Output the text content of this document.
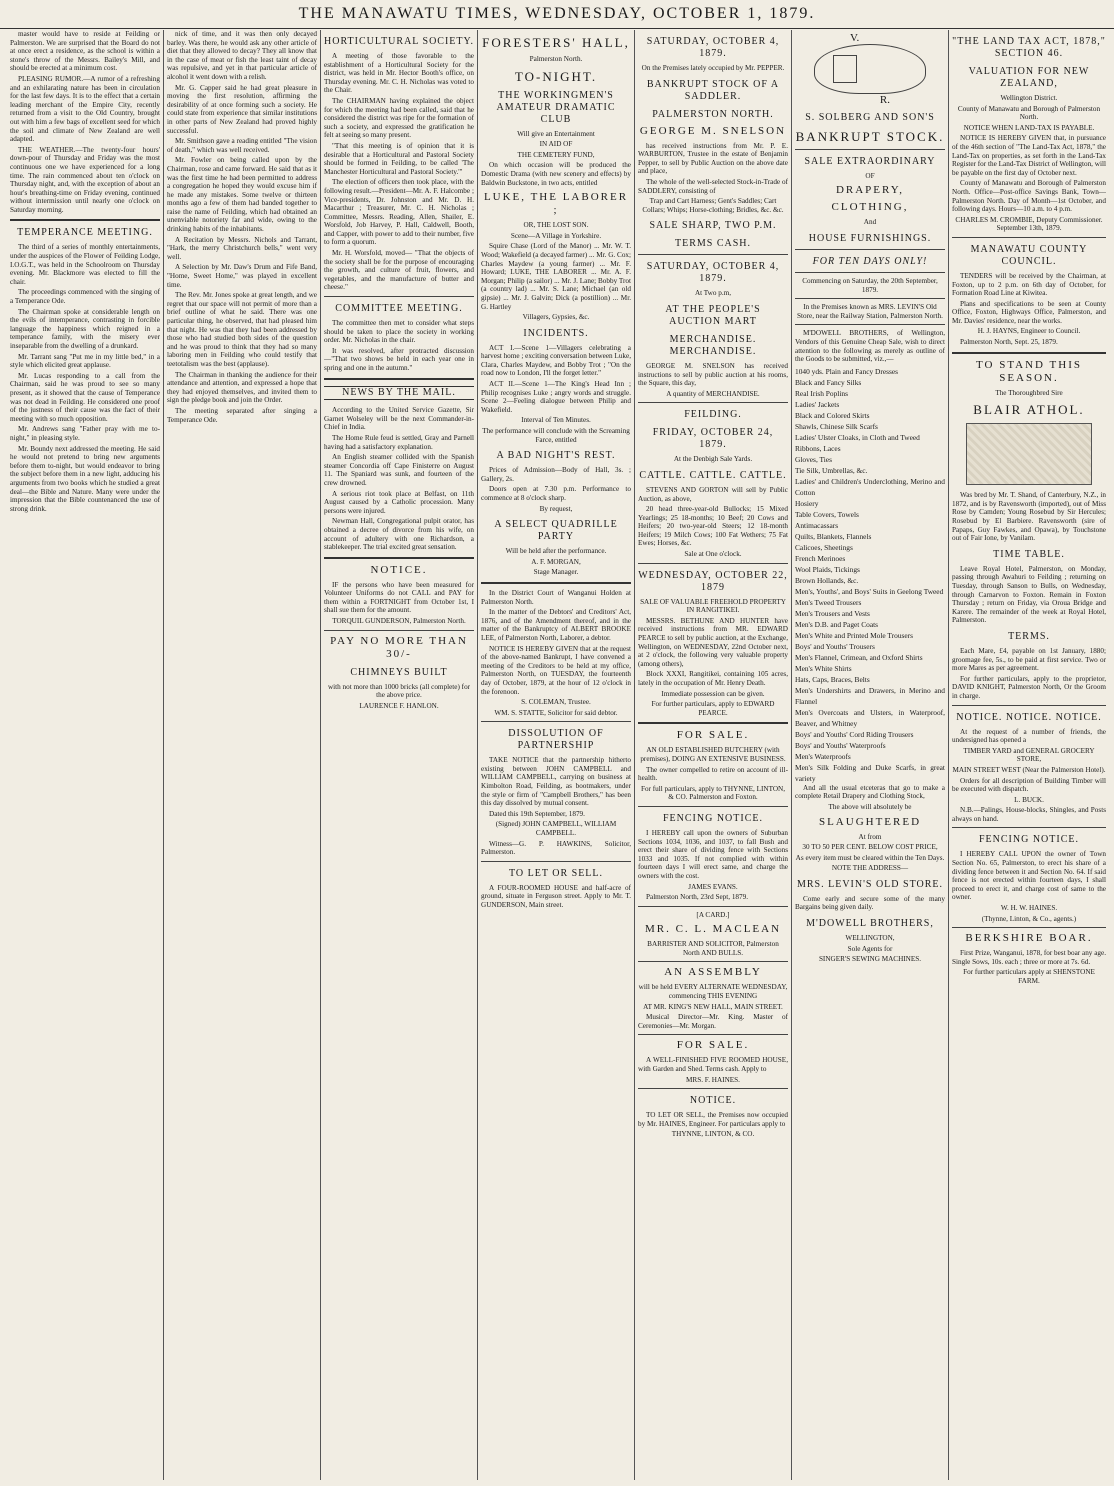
THE MANAWATU TIMES, WEDNESDAY, OCTOBER 1, 1879.

master would have to reside at Feilding or Palmerston. We are surprised that the Board do not at once erect a residence, as the school is within a stone's throw of the Messrs. Bailey's Mill, and should be erected at a minimum cost.

PLEASING RUMOR.—A rumor of a refreshing and an exhilarating nature has been in circulation for the last few days. It is to the effect that a certain leading merchant of the Empire City, recently returned from a visit to the Old Country, brought out with him a few bags of excellent seed for which the soil and climate of New Zealand are well adapted.

THE WEATHER.—The twenty-four hours' down-pour of Thursday and Friday was the most continuous one we have experienced for a long time. The rain commenced about ten o'clock on Thursday night, and, with the exception of about an hour's breathing-time on Friday evening, continued without intermission until nearly one o'clock on Saturday morning.

TEMPERANCE MEETING.

The third of a series of monthly entertainments, under the auspices of the Flower of Feilding Lodge, I.O.G.T., was held in the Schoolroom on Thursday evening. Mr. Blackmore was elected to fill the chair.

The proceedings commenced with the singing of a Temperance Ode.

The Chairman spoke at considerable length on the evils of intemperance, contrasting in forcible language the happiness which reigned in a temperance family, with the misery ever inseparable from the dwelling of a drunkard.

Mr. Tarrant sang "Put me in my little bed," in a style which elicited great applause.

Mr. Lucas responding to a call from the Chairman, said he was proud to see so many present, as it showed that the cause of Temperance was not dead in Feilding. He considered one proof of the justness of their cause was the fact of their meeting with so much opposition.

Mr. Andrews sang "Father pray with me to-night," in pleasing style.

Mr. Boundy next addressed the meeting. He said he would not pretend to bring new arguments before them to-night, but would endeavor to bring the subject before them in a new light, adducing his arguments from two books which he studied a great deal—the Bible and Nature. Many were under the impression that the Bible countenanced the use of strong drink.

nick of time, and it was then only decayed barley. Was there, he would ask any other article of diet that they allowed to decay? They all know that in the case of meat or fish the least taint of decay was repulsive, and yet in that particular article of alcohol it went down with a relish.

Mr. G. Capper said he had great pleasure in moving the first resolution, affirming the desirability of at once forming such a society. He could state from experience that similar institutions in other parts of New Zealand had proved highly successful.

Mr. Smithson gave a reading entitled "The vision of death," which was well received.

Mr. Fowler on being called upon by the Chairman, rose and came forward. He said that as it was the first time he had been permitted to address a congregation he hoped they would excuse him if he made any mistakes. Some twelve or thirteen months ago a few of them had banded together to raise the name of Feilding, which had obtained an unenviable notoriety far and wide, owing to the drinking habits of the inhabitants.

A Recitation by Messrs. Nichols and Tarrant, "Hark, the merry Christchurch bells," went very well.

A Selection by Mr. Daw's Drum and Fife Band, "Home, Sweet Home," was played in excellent time.

The Rev. Mr. Jones spoke at great length, and we regret that our space will not permit of more than a brief outline of what he said. There was one particular thing, he observed, that had pleased him that night. He was that they had been addressed by those who had studied both sides of the question and he was proud to think that they had so many laboring men in Feilding who could testify that teetotalism was the best (applause).

The Chairman in thanking the audience for their attendance and attention, and expressed a hope that they had enjoyed themselves, and invited them to sign the pledge book and join the Order.

The meeting separated after singing a Temperance Ode.

HORTICULTURAL SOCIETY.

A meeting of those favorable to the establishment of a Horticultural Society for the district, was held in Mr. Hector Booth's office, on Thursday evening. Mr. C. H. Nicholas was voted to the Chair.

The CHAIRMAN having explained the object for which the meeting had been called, said that he considered the district was ripe for the formation of such a society, and expressed the gratification he felt at seeing so many present.

"That this meeting is of opinion that it is desirable that a Horticultural and Pastoral Society should be formed in Feilding, to be called 'The Manchester Horticultural and Pastoral Society.'"

The election of officers then took place, with the following result.—President—Mr. A. F. Halcombe ; Vice-presidents, Dr. Johnston and Mr. D. H. Macarthur ; Treasurer, Mr. C. H. Nicholas ; Committee, Messrs. Reading, Allen, Shailer, E. Worsfold, Job Harvey, P. Hall, Caldwell, Booth, and Capper, with power to add to their number, five to form a quorum.

Mr. H. Worsfold, moved— "That the objects of the society shall be for the purpose of encouraging the growth, and culture of fruit, flowers, and vegetables, and the manufacture of butter and cheese."

COMMITTEE MEETING.

The committee then met to consider what steps should be taken to place the society in working order. Mr. Nicholas in the chair.

It was resolved, after protracted discussion—"That two shows be held in each year one in spring and one in the autumn."

NEWS BY THE MAIL.

According to the United Service Gazette, Sir Garnet Wolseley will be the next Commander-in-Chief in India.

The Home Rule feud is settled, Gray and Parnell having had a satisfactory explanation.

An English steamer collided with the Spanish steamer Concordia off Cape Finisterre on August 11. The Spaniard was sunk, and fourteen of the crew drowned.

A serious riot took place at Belfast, on 11th August caused by a Catholic procession. Many persons were injured.

Newman Hall, Congregational pulpit orator, has obtained a decree of divorce from his wife, on account of adultery with one Richardson, a stablekeeper. The trial excited great sensation.

NOTICE.

IF the persons who have been measured for Volunteer Uniforms do not CALL and PAY for them within a FORTNIGHT from October 1st, I shall sue them for the amount.

TORQUIL GUNDERSON, Palmerston North.

PAY NO MORE THAN 30/-
CHIMNEYS BUILT

with not more than 1000 bricks (all complete) for the above price.

LAURENCE F. HANLON.

FORESTERS' HALL,

Palmerston North.

TO-NIGHT.
THE WORKINGMEN'S AMATEUR DRAMATIC CLUB

Will give an Entertainment

IN AID OF

THE CEMETERY FUND,

On which occasion will be produced the Domestic Drama (with new scenery and effects) by Baldwin Buckstone, in two acts, entitled

LUKE, THE LABORER ;

OR, THE LOST SON.

Scene—A Village in Yorkshire.

Squire Chase (Lord of the Manor) ... Mr. W. T. Wood; Wakefield (a decayed farmer) ... Mr. G. Cox; Charles Maydew (a young farmer) ... Mr. F. Howard; LUKE, THE LABORER ... Mr. A. F. Morgan; Philip (a sailor) ... Mr. J. Lane; Bobby Trot (a country lad) ... Mr. S. Lane; Michael (an old gipsie) ... Mr. J. Galvin; Dick (a postillion) ... Mr. G. Hartley

Villagers, Gypsies, &c.

INCIDENTS.

ACT I.—Scene 1—Villagers celebrating a harvest home ; exciting conversation between Luke, Clara, Charles Maydew, and Bobby Trot ; "On the road now to London, I'll the forget letter."

ACT II.—Scene 1—The King's Head Inn ; Philip recognises Luke ; angry words and struggle. Scene 2—Feeling dialogue between Philip and Wakefield.

Interval of Ten Minutes.

The performance will conclude with the Screaming Farce, entitled

A BAD NIGHT'S REST.

Prices of Admission—Body of Hall, 3s. ; Gallery, 2s.

Doors open at 7.30 p.m. Performance to commence at 8 o'clock sharp.

By request,

A SELECT QUADRILLE PARTY

Will be held after the performance.

A. F. MORGAN,

Stage Manager.

In the District Court of Wanganui Holden at Palmerston North.

In the matter of the Debtors' and Creditors' Act, 1876, and of the Amendment thereof, and in the matter of the Bankruptcy of ALBERT BROOKE LEE, of Palmerston North, Laborer, a debtor.

NOTICE IS HEREBY GIVEN that at the request of the above-named Bankrupt, I have convened a meeting of the Creditors to be held at my office, Palmerston North, on TUESDAY, the fourteenth day of October, 1879, at the hour of 12 o'clock in the forenoon.

S. COLEMAN, Trustee.

WM. S. STATTE, Solicitor for said debtor.

DISSOLUTION OF PARTNERSHIP

TAKE NOTICE that the partnership hitherto existing between JOHN CAMPBELL and WILLIAM CAMPBELL, carrying on business at Kimbolton Road, Feilding, as bootmakers, under the style or firm of "Campbell Brothers," has been this day dissolved by mutual consent.

Dated this 19th September, 1879.

(Signed) JOHN CAMPBELL, WILLIAM CAMPBELL.

Witness—G. P. HAWKINS, Solicitor, Palmerston.

TO LET OR SELL.

A FOUR-ROOMED HOUSE and half-acre of ground, situate in Ferguson street. Apply to Mr. T. GUNDERSON, Main street.

SATURDAY, OCTOBER 4, 1879.

On the Premises lately occupied by Mr. PEPPER.

BANKRUPT STOCK OF A SADDLER.
PALMERSTON NORTH.
GEORGE M. SNELSON

has received instructions from Mr. P. E. WARBURTON, Trustee in the estate of Benjamin Pepper, to sell by Public Auction on the above date and place,

The whole of the well-selected Stock-in-Trade of SADDLERY, consisting of

Trap and Cart Harness; Gent's Saddles; Cart Collars; Whips; Horse-clothing; Bridles, &c. &c.

SALE SHARP, TWO P.M.
TERMS CASH.
SATURDAY, OCTOBER 4, 1879.

At Two p.m,

AT THE PEOPLE'S AUCTION MART
MERCHANDISE. MERCHANDISE.

GEORGE M. SNELSON has received instructions to sell by public auction at his rooms, the Square, this day,

A quantity of MERCHANDISE.

FEILDING.
FRIDAY, OCTOBER 24, 1879.

At the Denbigh Sale Yards.

CATTLE. CATTLE. CATTLE.

STEVENS AND GORTON will sell by Public Auction, as above,

20 head three-year-old Bullocks; 15 Mixed Yearlings; 25 18-months; 10 Beef; 20 Cows and Heifers; 20 two-year-old Steers; 12 18-month Heifers; 19 Milch Cows; 100 Fat Wethers; 75 Fat Ewes; Horses, &c.

Sale at One o'clock.

WEDNESDAY, OCTOBER 22, 1879

SALE OF VALUABLE FREEHOLD PROPERTY IN RANGITIKEI.

MESSRS. BETHUNE AND HUNTER have received instructions from MR. EDWARD PEARCE to sell by public auction, at the Exchange, Wellington, on WEDNESDAY, 22nd October next, at 2 o'clock, the following very valuable property (among others),

Block XXXI, Rangitikei, containing 105 acres, lately in the occupation of Mr. Henry Death.

Immediate possession can be given.

For further particulars, apply to EDWARD PEARCE.

FOR SALE.

AN OLD ESTABLISHED BUTCHERY (with premises), DOING AN EXTENSIVE BUSINESS.

The owner compelled to retire on account of ill-health.

For full particulars, apply to THYNNE, LINTON, & CO. Palmerston and Foxton.

FENCING NOTICE.

I HEREBY call upon the owners of Suburban Sections 1034, 1036, and 1037, to fall Bush and erect their share of dividing fence with Sections 1033 and 1035. If not complied with within fourteen days I will erect same, and charge the owners with the cost.

JAMES EVANS.

Palmerston North, 23rd Sept, 1879.

[A CARD.]

MR. C. L. MACLEAN

BARRISTER AND SOLICITOR, Palmerston North AND BULLS.

AN ASSEMBLY

will be held EVERY ALTERNATE WEDNESDAY, commencing THIS EVENING

AT MR. KING'S NEW HALL, MAIN STREET.

Musical Director—Mr. King. Master of Ceremonies—Mr. Morgan.

FOR SALE.

A WELL-FINISHED FIVE ROOMED HOUSE, with Garden and Shed. Terms cash. Apply to

MRS. F. HAINES.

NOTICE.

TO LET OR SELL, the Premises now occupied by Mr. HAINES, Engineer. For particulars apply to

THYNNE, LINTON, & CO.

V.  R.
S. SOLBERG AND SON'S
BANKRUPT STOCK.
SALE EXTRAORDINARY

OF

DRAPERY,
CLOTHING,

And

HOUSE FURNISHINGS.
FOR TEN DAYS ONLY!

Commencing on Saturday, the 20th September, 1879.

In the Premises known as MRS. LEVIN'S Old Store, near the Railway Station, Palmerston North.

M'DOWELL BROTHERS, of Wellington, Vendors of this Genuine Cheap Sale, wish to direct attention to the following as merely as outline of the Goods to be submitted, viz.,—

1040 yds. Plain and Fancy Dresses
Black and Fancy Silks
Real Irish Poplins
Ladies' Jackets
Black and Colored Skirts
Shawls, Chinese Silk Scarfs
Ladies' Ulster Cloaks, in Cloth and Tweed
Ribbons, Laces
Gloves, Ties
Tie Silk, Umbrellas, &c.
Ladies' and Children's Underclothing, Merino and Cotton
Hosiery
Table Covers, Towels
Antimacassars
Quilts, Blankets, Flannels
Calicoes, Sheetings
French Merinoes
Wool Plaids, Tickings
Brown Hollands, &c.
Men's, Youths', and Boys' Suits in Geelong Tweed
Men's Tweed Trousers
Men's Trousers and Vests
Men's D.B. and Paget Coats
Men's White and Printed Mole Trousers
Boys' and Youths' Trousers
Men's Flannel, Crimean, and Oxford Shirts
Men's White Shirts
Hats, Caps, Braces, Belts
Men's Undershirts and Drawers, in Merino and Flannel
Men's Overcoats and Ulsters, in Waterproof, Beaver, and Whitney
Boys' and Youths' Cord Riding Trousers
Boys' and Youths' Waterproofs
Men's Waterproofs
Men's Silk Folding and Duke Scarfs, in great variety

And all the usual etceteras that go to make a complete Retail Drapery and Clothing Stock,

The above will absolutely be

SLAUGHTERED

At from

30 TO 50 PER CENT. BELOW COST PRICE,

As every item must be cleared within the Ten Days.

NOTE THE ADDRESS—

MRS. LEVIN'S OLD STORE.

Come early and secure some of the many Bargains being given daily.

M'DOWELL BROTHERS,

WELLINGTON,

Sole Agents for

SINGER'S SEWING MACHINES.

"THE LAND TAX ACT, 1878," SECTION 46.
VALUATION FOR NEW ZEALAND,

Wellington District.

County of Manawatu and Borough of Palmerston North.

NOTICE WHEN LAND-TAX IS PAYABLE.

NOTICE IS HEREBY GIVEN that, in pursuance of the 46th section of "The Land-Tax Act, 1878," the Land-Tax on properties, as set forth in the Land-Tax Register for the Land-Tax District of Wellington, will be payable on the first day of October next.

County of Manawatu and Borough of Palmerston North. Office—Post-office Savings Bank, Town—Palmerston North. Day of Month—1st October, and following days. Hours—10 a.m. to 4 p.m.

CHARLES M. CROMBIE, Deputy Commissioner. September 13th, 1879.

MANAWATU COUNTY COUNCIL.

TENDERS will be received by the Chairman, at Foxton, up to 2 p.m. on 6th day of October, for Formation Road Line at Kiwitea.

Plans and specifications to be seen at County Office, Foxton, Highways Office, Palmerston, and Mr. Davies' residence, near the works.

H. J. HAYNS, Engineer to Council.

Palmerston North, Sept. 25, 1879.

TO STAND THIS SEASON.

The Thoroughbred Sire

BLAIR ATHOL.

Was bred by Mr. T. Shand, of Canterbury, N.Z., in 1872, and is by Ravensworth (imported), out of Miss Rose by Camden; Young Rosebud by Sir Hercules; Rosebud by El Barbiere. Ravensworth (sire of Papaps, Guy Fawkes, and Opawa), by Touchstone out of Fair Ione, by Vanilam.

TIME TABLE.

Leave Royal Hotel, Palmerston, on Monday, passing through Awahuri to Feilding ; returning on Tuesday, through Sanson to Bulls, on Wednesday, through Carnarvon to Foxton. Remain in Foxton Thursday ; return on Friday, via Oroua Bridge and Karere. The remainder of the week at Royal Hotel, Palmerston.

TERMS.

Each Mare, £4, payable on 1st January, 1880; groomage fee, 5s., to be paid at first service. Two or more Mares as per agreement.

For further particulars, apply to the proprietor, DAVID KNIGHT, Palmerston North, Or the Groom in charge.

NOTICE. NOTICE. NOTICE.

At the request of a number of friends, the undersigned has opened a

TIMBER YARD and GENERAL GROCERY STORE,

MAIN STREET WEST (Near the Palmerston Hotel).

Orders for all description of Building Timber will be executed with dispatch.

L. BUCK.

N.B.—Palings, House-blocks, Shingles, and Posts always on hand.

FENCING NOTICE.

I HEREBY CALL UPON the owner of Town Section No. 65, Palmerston, to erect his share of a dividing fence between it and Section No. 64. If said fence is not erected within fourteen days, I shall proceed to erect it, and charge cost of same to the owner.

W. H. W. HAINES.

(Thynne, Linton, & Co., agents.)

BERKSHIRE BOAR.

First Prize, Wanganui, 1878, for best boar any age. Single Sows, 10s. each ; three or more at 7s. 6d.

For further particulars apply at SHENSTONE FARM.
